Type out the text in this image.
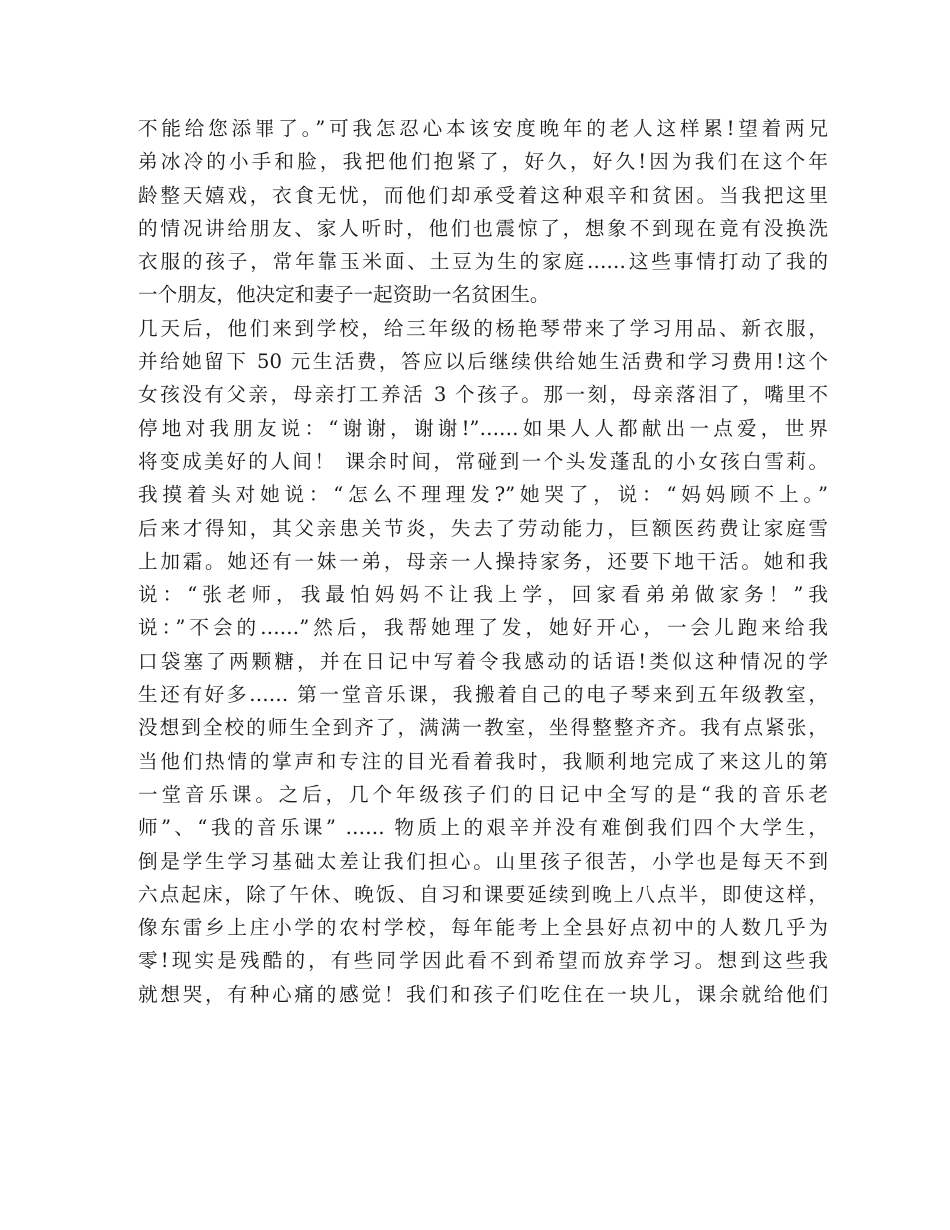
不能给您添罪了。”可我怎忍心本该安度晚年的老人这样累!望着两兄
弟冰冷的小手和脸，我把他们抱紧了，好久，好久!因为我们在这个年
龄整天嬉戏，衣食无忧，而他们却承受着这种艰辛和贫困。当我把这里
的情况讲给朋友、家人听时，他们也震惊了，想象不到现在竟有没换洗
衣服的孩子，常年靠玉米面、土豆为生的家庭……这些事情打动了我的
一个朋友，他决定和妻子一起资助一名贫困生。
几天后，他们来到学校，给三年级的杨艳琴带来了学习用品、新衣服，
并给她留下 50 元生活费，答应以后继续供给她生活费和学习费用!这个
女孩没有父亲，母亲打工养活 3 个孩子。那一刻，母亲落泪了，嘴里不
停地对我朋友说：“谢谢，谢谢!”……如果人人都献出一点爱，世界
将变成美好的人间！ 课余时间，常碰到一个头发蓬乱的小女孩白雪莉。
我摸着头对她说：“怎么不理理发?”她哭了，说：“妈妈顾不上。”
后来才得知，其父亲患关节炎，失去了劳动能力，巨额医药费让家庭雪
上加霜。她还有一妹一弟，母亲一人操持家务，还要下地干活。她和我
说：“张老师，我最怕妈妈不让我上学，回家看弟弟做家务！”我
说：”不会的……”然后，我帮她理了发，她好开心，一会儿跑来给我
口袋塞了两颗糖，并在日记中写着令我感动的话语!类似这种情况的学
生还有好多…… 第一堂音乐课，我搬着自己的电子琴来到五年级教室，
没想到全校的师生全到齐了，满满一教室，坐得整整齐齐。我有点紧张，
当他们热情的掌声和专注的目光看着我时，我顺利地完成了来这儿的第
一堂音乐课。之后，几个年级孩子们的日记中全写的是“我的音乐老
师”、“我的音乐课” …… 物质上的艰辛并没有难倒我们四个大学生，
倒是学生学习基础太差让我们担心。山里孩子很苦，小学也是每天不到
六点起床，除了午休、晚饭、自习和课要延续到晚上八点半，即使这样，
像东雷乡上庄小学的农村学校，每年能考上全县好点初中的人数几乎为
零!现实是残酷的，有些同学因此看不到希望而放弃学习。想到这些我
就想哭，有种心痛的感觉！我们和孩子们吃住在一块儿，课余就给他们
